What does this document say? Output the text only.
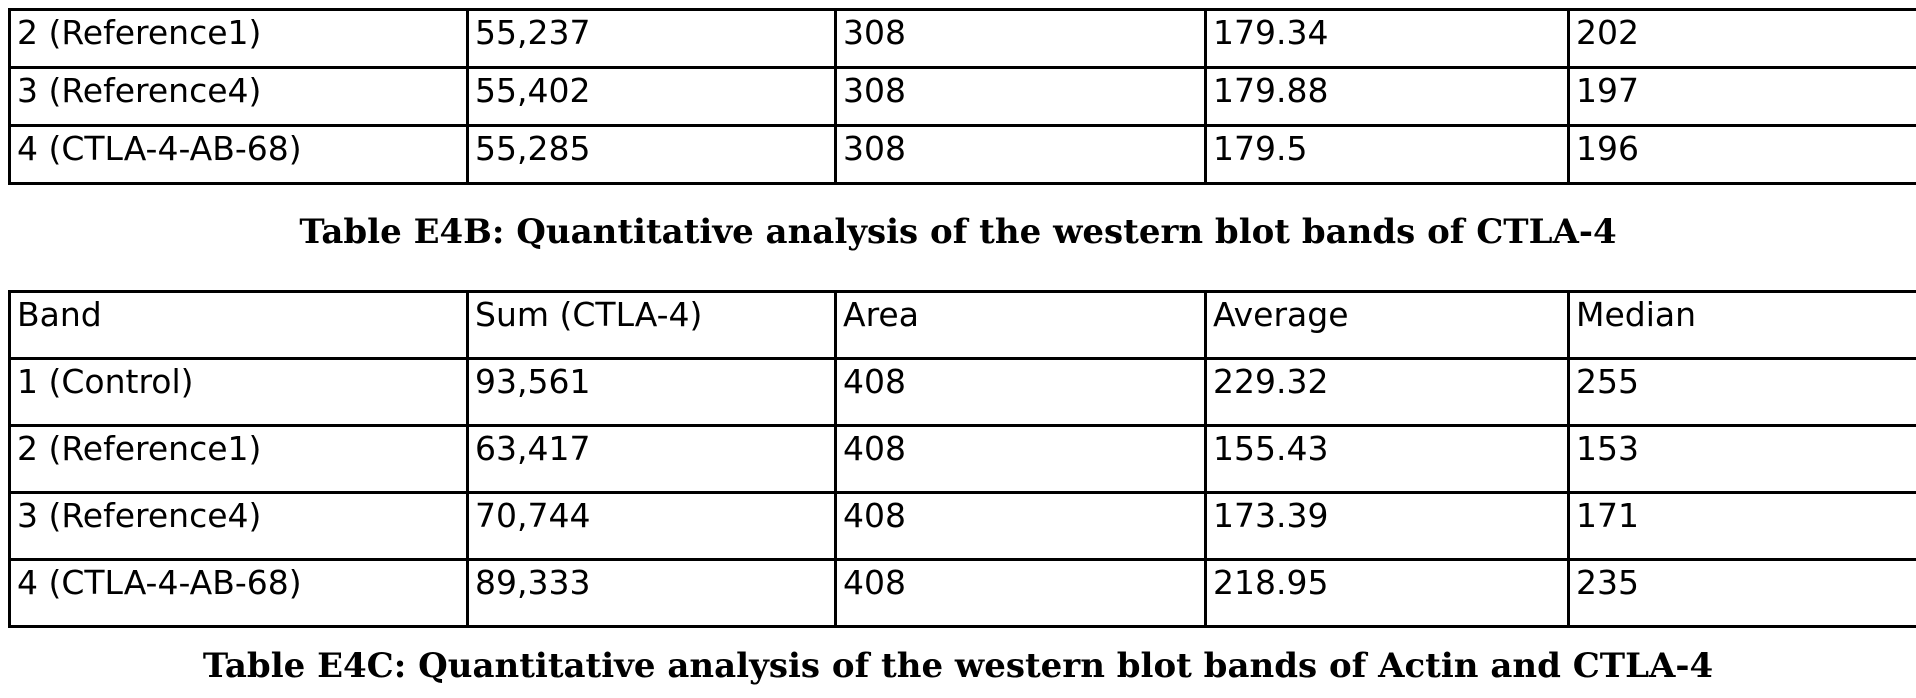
2 (Reference1)	55,237	308	179.34	202
3 (Reference4)	55,402	308	179.88	197
4 (CTLA-4-AB-68)	55,285	308	179.5	196
Table E4B: Quantitative analysis of the western blot bands of CTLA-4
Band	Sum (CTLA-4)	Area	Average	Median
1 (Control)	93,561	408	229.32	255
2 (Reference1)	63,417	408	155.43	153
3 (Reference4)	70,744	408	173.39	171
4 (CTLA-4-AB-68)	89,333	408	218.95	235
Table E4C: Quantitative analysis of the western blot bands of Actin and CTLA-4
